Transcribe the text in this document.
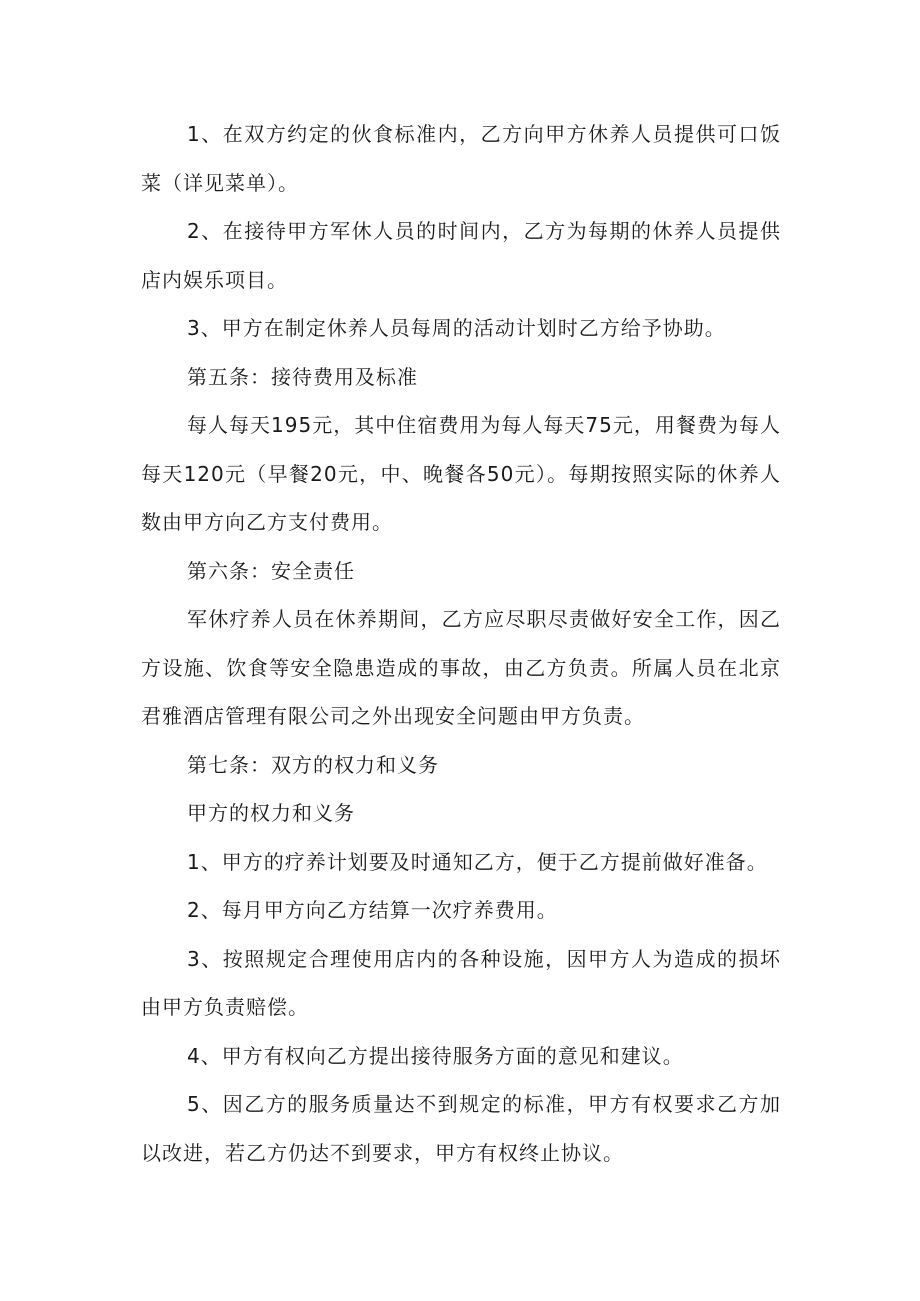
1、在双方约定的伙食标准内，乙方向甲方休养人员提供可口饭菜（详见菜单）。

2、在接待甲方军休人员的时间内，乙方为每期的休养人员提供店内娱乐项目。

3、甲方在制定休养人员每周的活动计划时乙方给予协助。

第五条：接待费用及标准

每人每天195元，其中住宿费用为每人每天75元，用餐费为每人每天120元（早餐20元，中、晚餐各50元）。每期按照实际的休养人数由甲方向乙方支付费用。

第六条：安全责任

军休疗养人员在休养期间，乙方应尽职尽责做好安全工作，因乙方设施、饮食等安全隐患造成的事故，由乙方负责。所属人员在北京君雅酒店管理有限公司之外出现安全问题由甲方负责。

第七条：双方的权力和义务

甲方的权力和义务

1、甲方的疗养计划要及时通知乙方，便于乙方提前做好准备。

2、每月甲方向乙方结算一次疗养费用。

3、按照规定合理使用店内的各种设施，因甲方人为造成的损坏由甲方负责赔偿。

4、甲方有权向乙方提出接待服务方面的意见和建议。

5、因乙方的服务质量达不到规定的标准，甲方有权要求乙方加以改进，若乙方仍达不到要求，甲方有权终止协议。
